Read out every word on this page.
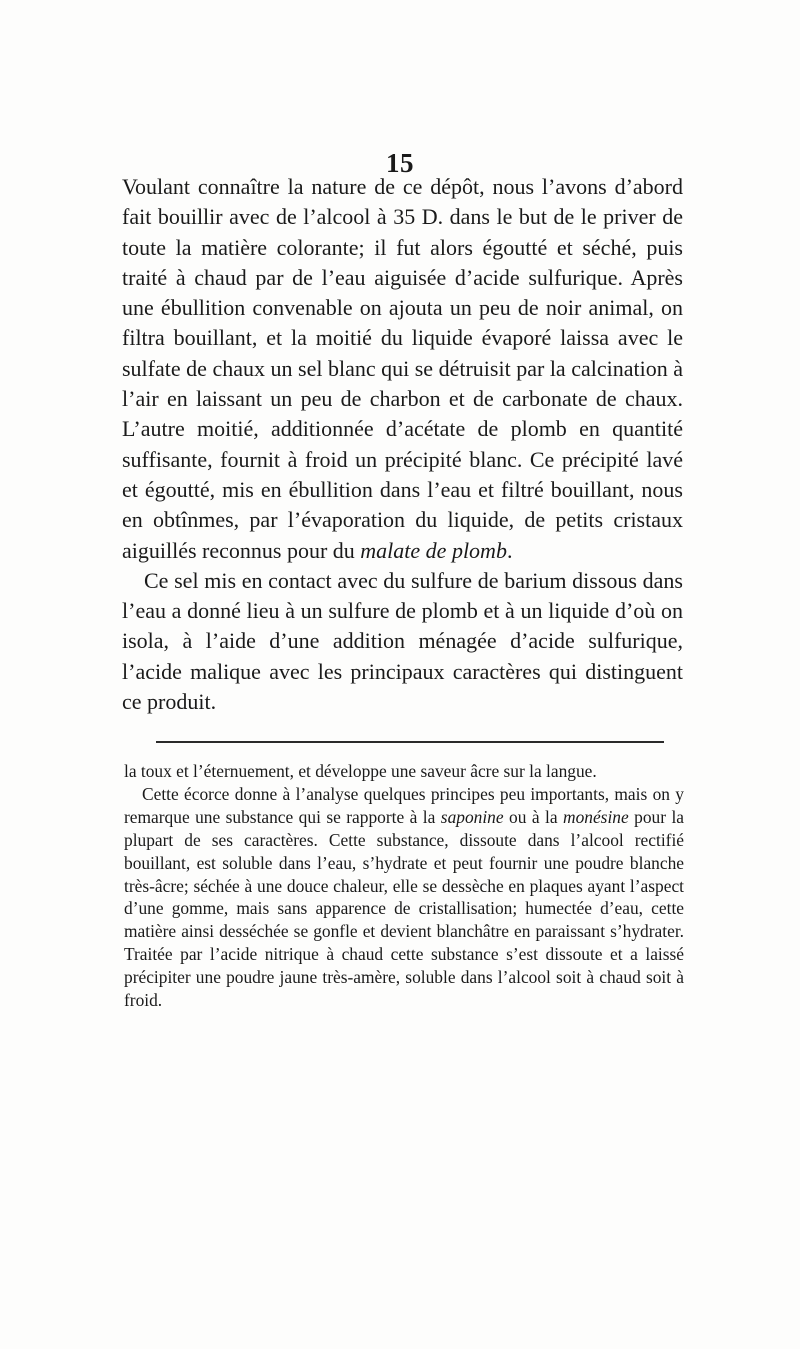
15

Voulant connaître la nature de ce dépôt, nous l’avons d’abord fait bouillir avec de l’alcool à 35 D. dans le but de le priver de toute la matière colorante; il fut alors égoutté et séché, puis traité à chaud par de l’eau aiguisée d’acide sulfurique. Après une ébullition convenable on ajouta un peu de noir animal, on filtra bouillant, et la moitié du liquide évaporé laissa avec le sulfate de chaux un sel blanc qui se détruisit par la calcination à l’air en laissant un peu de charbon et de carbonate de chaux. L’autre moitié, additionnée d’acétate de plomb en quantité suffisante, fournit à froid un précipité blanc. Ce précipité lavé et égoutté, mis en ébullition dans l’eau et filtré bouillant, nous en obtînmes, par l’évaporation du liquide, de petits cristaux aiguillés reconnus pour du malate de plomb.

Ce sel mis en contact avec du sulfure de barium dissous dans l’eau a donné lieu à un sulfure de plomb et à un liquide d’où on isola, à l’aide d’une addition ménagée d’acide sulfurique, l’acide malique avec les principaux caractères qui distinguent ce produit.

la toux et l’éternuement, et développe une saveur âcre sur la langue.

Cette écorce donne à l’analyse quelques principes peu importants, mais on y remarque une substance qui se rapporte à la saponine ou à la monésine pour la plupart de ses caractères. Cette substance, dissoute dans l’alcool rectifié bouillant, est soluble dans l’eau, s’hydrate et peut fournir une poudre blanche très-âcre; séchée à une douce chaleur, elle se dessèche en plaques ayant l’aspect d’une gomme, mais sans apparence de cristallisation; humectée d’eau, cette matière ainsi desséchée se gonfle et devient blanchâtre en paraissant s’hydrater. Traitée par l’acide nitrique à chaud cette substance s’est dissoute et a laissé précipiter une poudre jaune très-amère, soluble dans l’alcool soit à chaud soit à froid.
